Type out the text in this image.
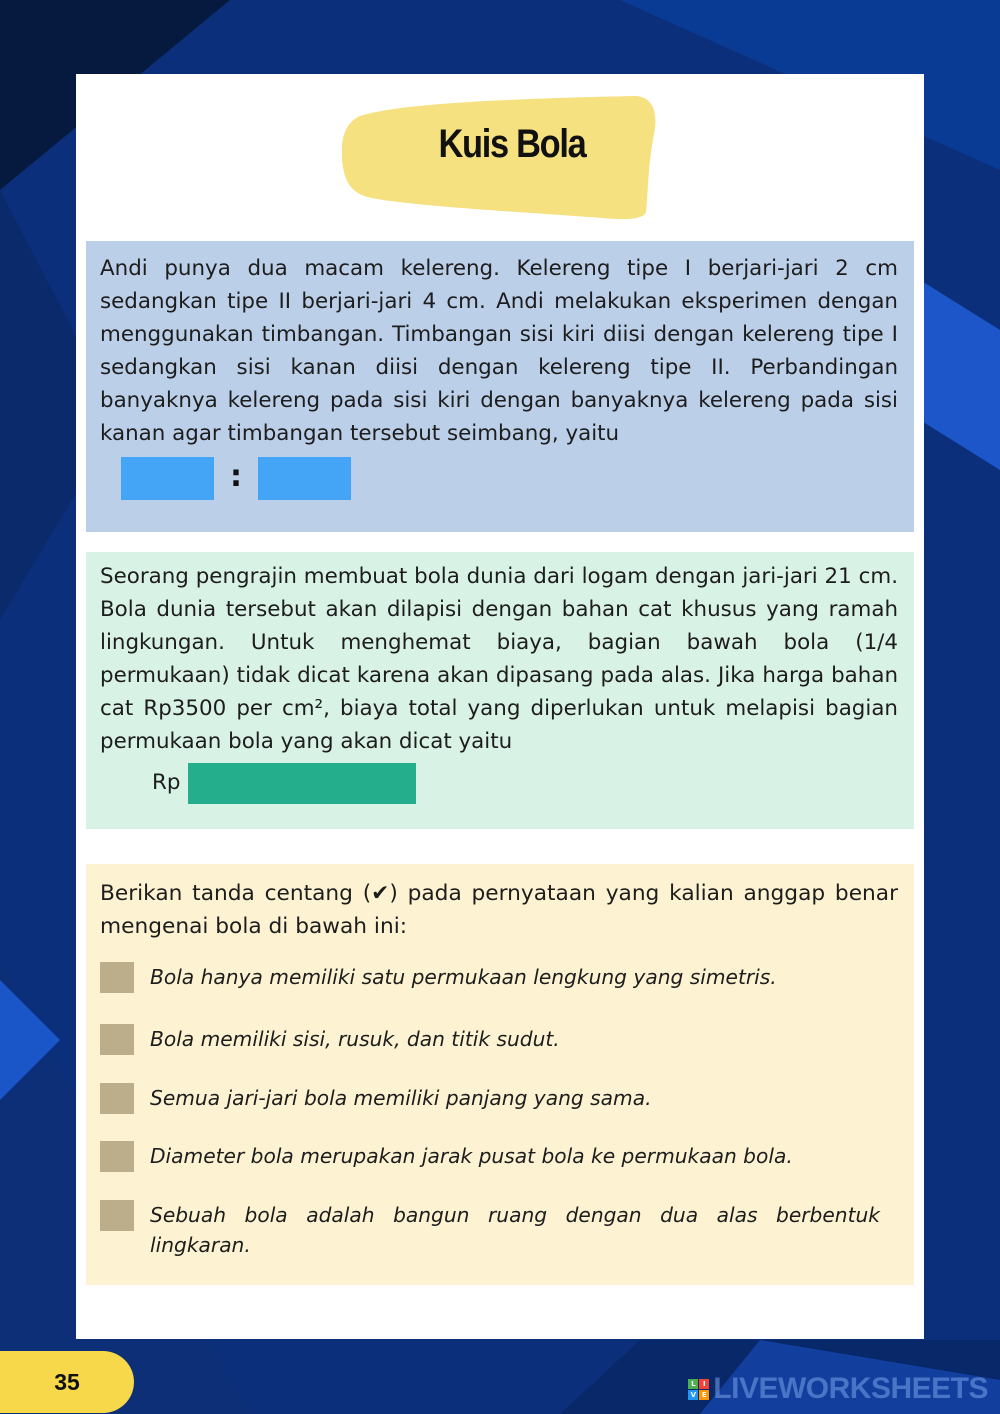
Kuis Bola
Andi punya dua macam kelereng. Kelereng tipe I berjari-jari 2 cm sedangkan tipe II berjari-jari 4 cm. Andi melakukan eksperimen dengan menggunakan timbangan. Timbangan sisi kiri diisi dengan kelereng tipe I sedangkan sisi kanan diisi dengan kelereng tipe II. Perbandingan banyaknya kelereng pada sisi kiri dengan banyaknya kelereng pada sisi kanan agar timbangan tersebut seimbang, yaitu
:
Seorang pengrajin membuat bola dunia dari logam dengan jari-jari 21 cm. Bola dunia tersebut akan dilapisi dengan bahan cat khusus yang ramah lingkungan. Untuk menghemat biaya, bagian bawah bola (1/4 permukaan) tidak dicat karena akan dipasang pada alas. Jika harga bahan cat Rp3500 per cm², biaya total yang diperlukan untuk melapisi bagian permukaan bola yang akan dicat yaitu
Rp
Berikan tanda centang (✔) pada pernyataan yang kalian anggap benar mengenai bola di bawah ini:
Bola hanya memiliki satu permukaan lengkung yang simetris.
Bola memiliki sisi, rusuk, dan titik sudut.
Semua jari-jari bola memiliki panjang yang sama.
Diameter bola merupakan jarak pusat bola ke permukaan bola.
Sebuah bola adalah bangun ruang dengan dua alas berbentuk lingkaran.
35	L	I
V E LIVEWORKSHEETS
